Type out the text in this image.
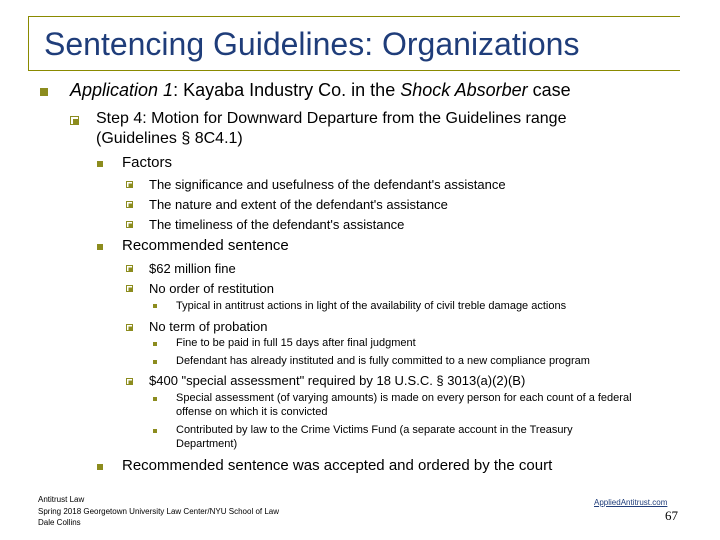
Sentencing Guidelines: Organizations
Application 1: Kayaba Industry Co. in the Shock Absorber case
Step 4: Motion for Downward Departure from the Guidelines range
(Guidelines § 8C4.1)
Factors
The significance and usefulness of the defendant's assistance
The nature and extent of the defendant's assistance
The timeliness of the defendant's assistance
Recommended sentence
$62 million fine
No order of restitution
Typical in antitrust actions in light of the availability of civil treble damage actions
No term of probation
Fine to be paid in full 15 days after final judgment
Defendant has already instituted and is fully committed to a new compliance program
$400 "special assessment" required by 18 U.S.C. § 3013(a)(2)(B)
Special assessment (of varying amounts) is made on every person for each count of a federal
offense on which it is convicted
Contributed by law to the Crime Victims Fund (a separate account in the Treasury
Department)
Recommended sentence was accepted and ordered by the court
Antitrust Law
Spring 2018 Georgetown University Law Center/NYU School of Law
Dale Collins
AppliedAntitrust.com
67
